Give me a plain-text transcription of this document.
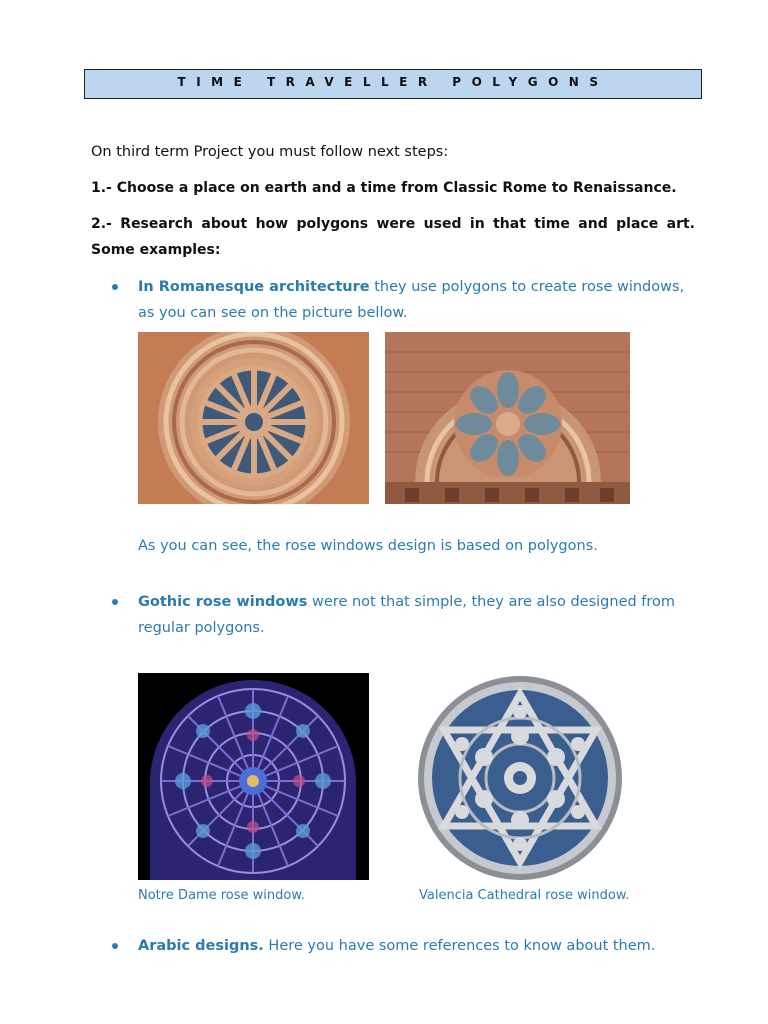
TIME TRAVELLER POLYGONS
On third term Project you must follow next steps:
1.- Choose a place on earth and a time from Classic Rome to Renaissance.
2.- Research about how polygons were used in that time and place art. Some examples:
In Romanesque architecture they use polygons to create rose windows, as you can see on the picture bellow.
As you can see, the rose windows design is based on polygons.
Gothic rose windows were not that simple, they are also designed from regular polygons.
Notre Dame rose window.	Valencia Cathedral rose window.
Arabic designs. Here you have some references to know about them.
